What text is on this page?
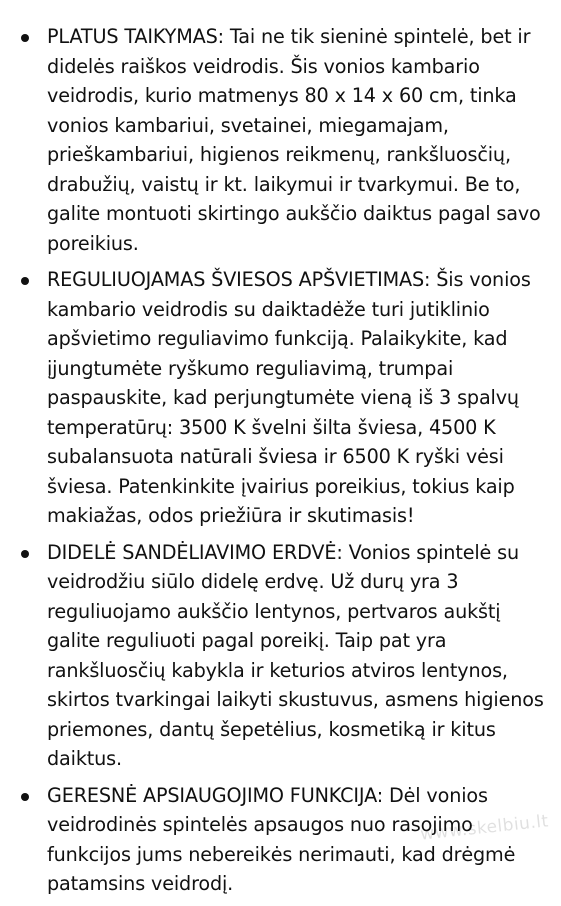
PLATUS TAIKYMAS: Tai ne tik sieninė spintelė, bet ir didelės raiškos veidrodis. Šis vonios kambario veidrodis, kurio matmenys 80 x 14 x 60 cm, tinka vonios kambariui, svetainei, miegamajam, prieškambariui, higienos reikmenų, rankšluosčių, drabužių, vaistų ir kt. laikymui ir tvarkymui. Be to, galite montuoti skirtingo aukščio daiktus pagal savo poreikius.
REGULIUOJAMAS ŠVIESOS APŠVIETIMAS: Šis vonios kambario veidrodis su daiktadėže turi jutiklinio apšvietimo reguliavimo funkciją. Palaikykite, kad įjungtumėte ryškumo reguliavimą, trumpai paspauskite, kad perjungtumėte vieną iš 3 spalvų temperatūrų: 3500 K švelni šilta šviesa, 4500 K subalansuota natūrali šviesa ir 6500 K ryški vėsi šviesa. Patenkinkite įvairius poreikius, tokius kaip makiažas, odos priežiūra ir skutimasis!
DIDELĖ SANDĖLIAVIMO ERDVĖ: Vonios spintelė su veidrodžiu siūlo didelę erdvę. Už durų yra 3 reguliuojamo aukščio lentynos, pertvaros aukštį galite reguliuoti pagal poreikį. Taip pat yra rankšluosčių kabykla ir keturios atviros lentynos, skirtos tvarkingai laikyti skustuvus, asmens higienos priemones, dantų šepetėlius, kosmetiką ir kitus daiktus.
GERESNĖ APSIAUGOJIMO FUNKCIJA: Dėl vonios veidrodinės spintelės apsaugos nuo rasojimo funkcijos jums nebereikės nerimauti, kad drėgmė patamsins veidrodį.
www.skelbiu.lt
